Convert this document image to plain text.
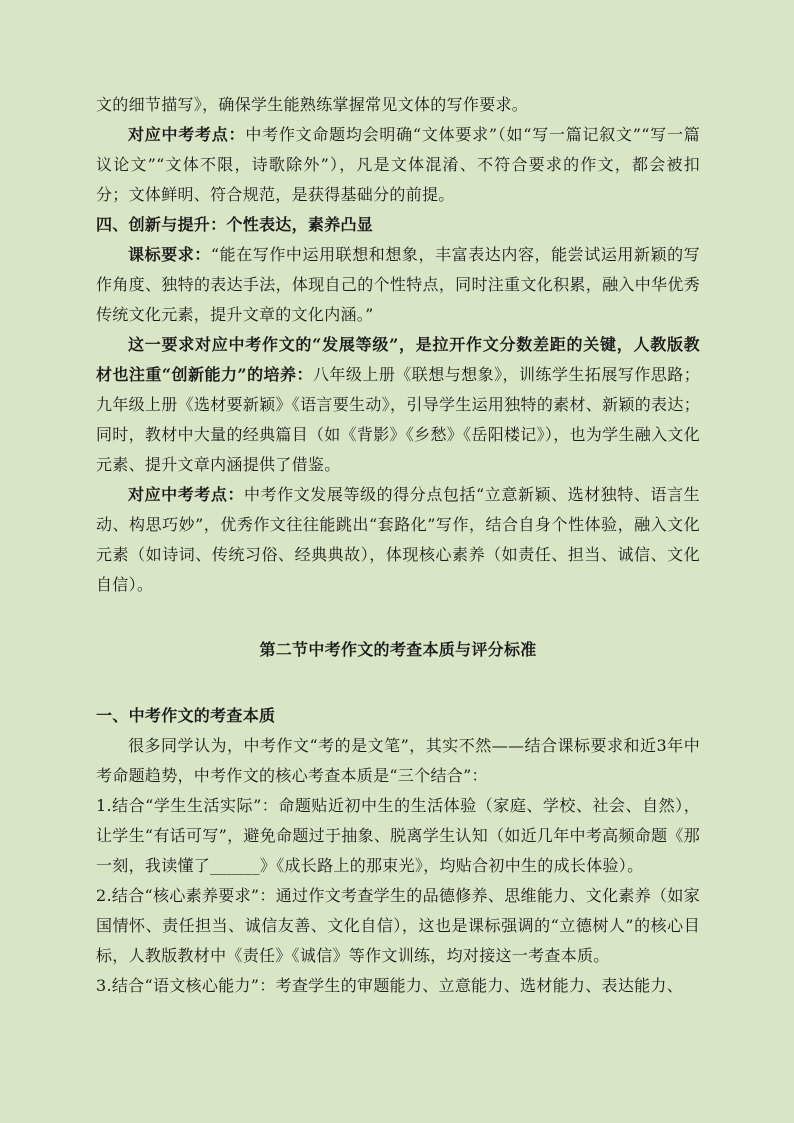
文的细节描写》，确保学生能熟练掌握常见文体的写作要求。

对应中考考点：中考作文命题均会明确“文体要求”（如“写一篇记叙文”“写一篇议论文”“文体不限，诗歌除外”），凡是文体混淆、不符合要求的作文，都会被扣分；文体鲜明、符合规范，是获得基础分的前提。

四、创新与提升：个性表达，素养凸显

课标要求：“能在写作中运用联想和想象，丰富表达内容，能尝试运用新颖的写作角度、独特的表达手法，体现自己的个性特点，同时注重文化积累，融入中华优秀传统文化元素，提升文章的文化内涵。”

这一要求对应中考作文的“发展等级”，是拉开作文分数差距的关键，人教版教材也注重“创新能力”的培养：八年级上册《联想与想象》，训练学生拓展写作思路；九年级上册《选材要新颖》《语言要生动》，引导学生运用独特的素材、新颖的表达；同时，教材中大量的经典篇目（如《背影》《乡愁》《岳阳楼记》），也为学生融入文化元素、提升文章内涵提供了借鉴。

对应中考考点：中考作文发展等级的得分点包括“立意新颖、选材独特、语言生动、构思巧妙”，优秀作文往往能跳出“套路化”写作，结合自身个性体验，融入文化元素（如诗词、传统习俗、经典典故），体现核心素养（如责任、担当、诚信、文化自信）。

第二节中考作文的考查本质与评分标准

一、中考作文的考查本质

很多同学认为，中考作文“考的是文笔”，其实不然——结合课标要求和近3年中考命题趋势，中考作文的核心考查本质是“三个结合”：

1.结合“学生生活实际”：命题贴近初中生的生活体验（家庭、学校、社会、自然），让学生“有话可写”，避免命题过于抽象、脱离学生认知（如近几年中考高频命题《那一刻，我读懂了______》《成长路上的那束光》，均贴合初中生的成长体验）。

2.结合“核心素养要求”：通过作文考查学生的品德修养、思维能力、文化素养（如家国情怀、责任担当、诚信友善、文化自信），这也是课标强调的“立德树人”的核心目标，人教版教材中《责任》《诚信》等作文训练，均对接这一考查本质。

3.结合“语文核心能力”：考查学生的审题能力、立意能力、选材能力、表达能力、
